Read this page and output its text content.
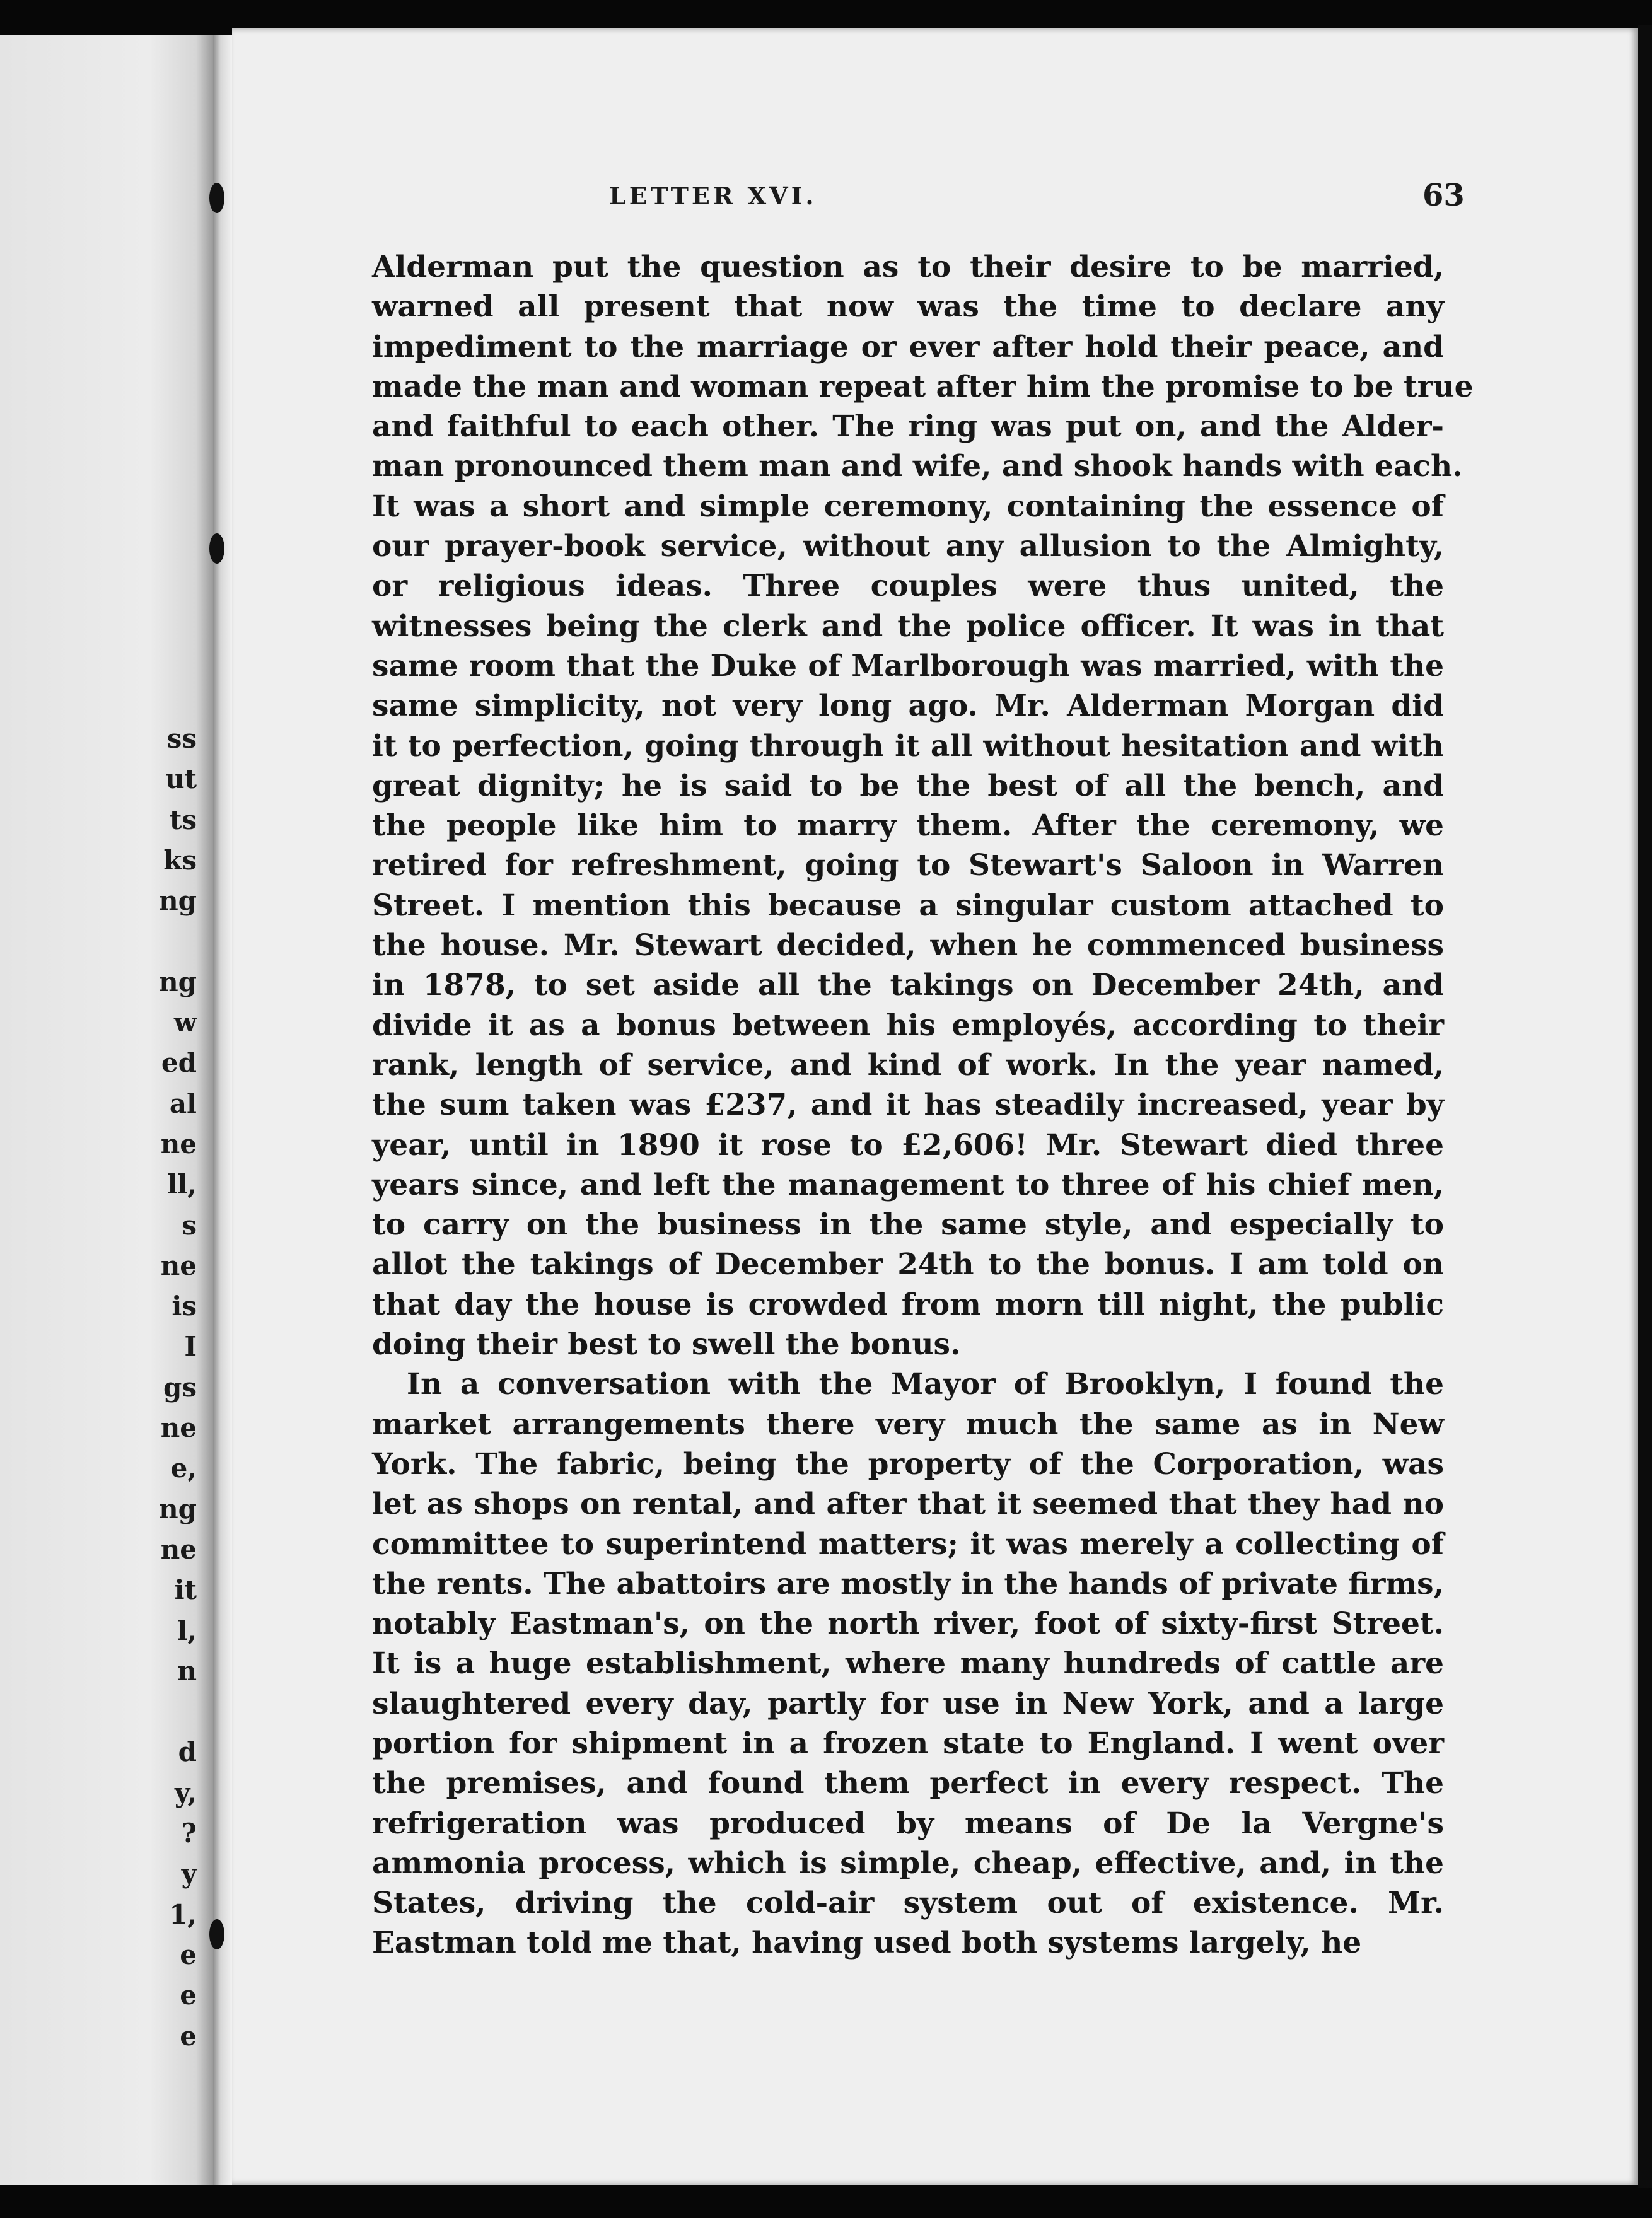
ss
ut
ts
ks
ng
ng
w
ed
al
ne
ll,
s
ne
is
I
gs
ne
e,
ng
ne
it
l,
n
d
y,
?
y
1,
e
e
e
LETTER XVI.	63
Alderman put the question as to their desire to be married,
warned all present that now was the time to declare any
impediment to the marriage or ever after hold their peace, and
made the man and woman repeat after him the promise to be true
and faithful to each other. The ring was put on, and the Alder-
man pronounced them man and wife, and shook hands with each.
It was a short and simple ceremony, containing the essence of
our prayer-book service, without any allusion to the Almighty,
or religious ideas. Three couples were thus united, the
witnesses being the clerk and the police officer. It was in that
same room that the Duke of Marlborough was married, with the
same simplicity, not very long ago. Mr. Alderman Morgan did
it to perfection, going through it all without hesitation and with
great dignity; he is said to be the best of all the bench, and
the people like him to marry them. After the ceremony, we
retired for refreshment, going to Stewart's Saloon in Warren
Street. I mention this because a singular custom attached to
the house. Mr. Stewart decided, when he commenced business
in 1878, to set aside all the takings on December 24th, and
divide it as a bonus between his employés, according to their
rank, length of service, and kind of work. In the year named,
the sum taken was £237, and it has steadily increased, year by
year, until in 1890 it rose to £2,606! Mr. Stewart died three
years since, and left the management to three of his chief men,
to carry on the business in the same style, and especially to
allot the takings of December 24th to the bonus. I am told on
that day the house is crowded from morn till night, the public
doing their best to swell the bonus.
In a conversation with the Mayor of Brooklyn, I found the
market arrangements there very much the same as in New
York. The fabric, being the property of the Corporation, was
let as shops on rental, and after that it seemed that they had no
committee to superintend matters; it was merely a collecting of
the rents. The abattoirs are mostly in the hands of private firms,
notably Eastman's, on the north river, foot of sixty-first Street.
It is a huge establishment, where many hundreds of cattle are
slaughtered every day, partly for use in New York, and a large
portion for shipment in a frozen state to England. I went over
the premises, and found them perfect in every respect. The
refrigeration was produced by means of De la Vergne's
ammonia process, which is simple, cheap, effective, and, in the
States, driving the cold-air system out of existence. Mr.
Eastman told me that, having used both systems largely, he
